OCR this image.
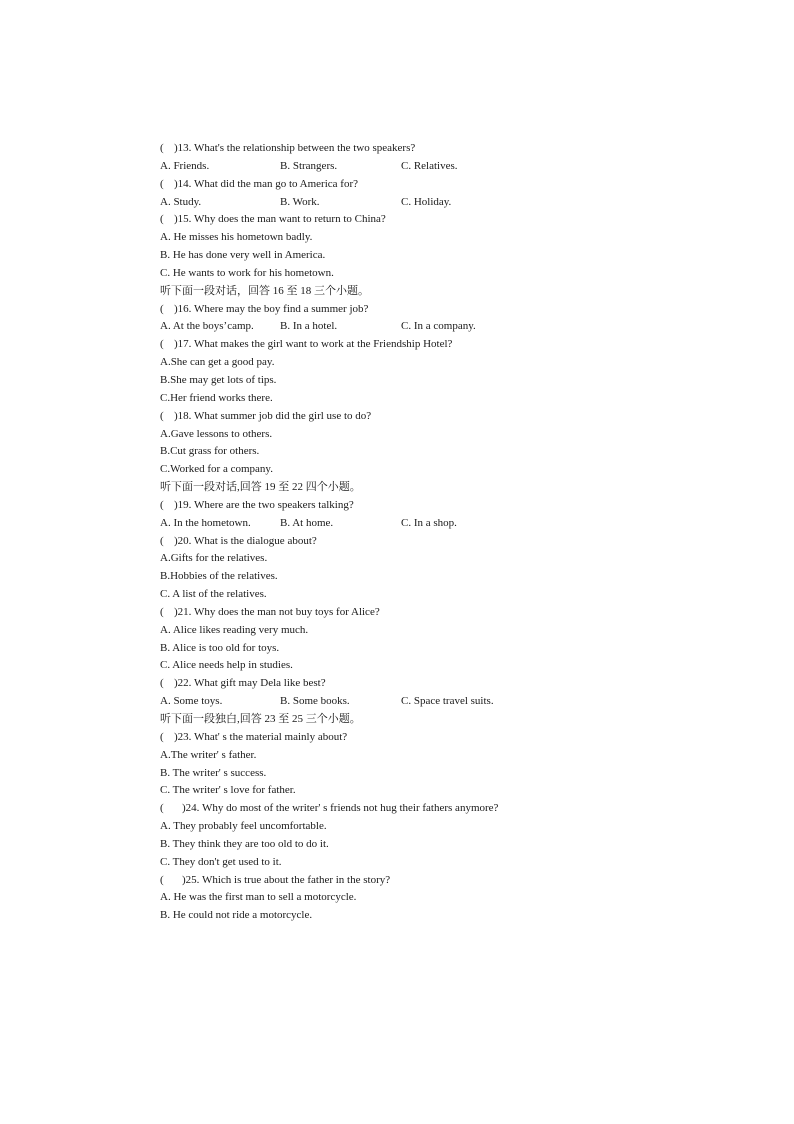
( )13. What's the relationship between the two speakers?
A. Friends.	B. Strangers.	C. Relatives.
( )14. What did the man go to America for?
A. Study.	B. Work.	C. Holiday.
( )15. Why does the man want to return to China?
A. He misses his hometown badly.
B. He has done very well in America.
C. He wants to work for his hometown.
听下面一段对话，回答 16 至 18 三个小题。
( )16. Where may the boy find a summer job?
A. At the boys’camp. B. In a hotel.	C. In a company.
( )17. What makes the girl want to work at the Friendship Hotel?
A.She can get a good pay.
B.She may get lots of tips.
C.Her friend works there.
( )18. What summer job did the girl use to do?
A.Gave lessons to others.
B.Cut grass for others.
C.Worked for a company.
听下面一段对话,回答 19 至 22 四个小题。
( )19. Where are the two speakers talking?
A. In the hometown.	B. At home.	C. In a shop.
( )20. What is the dialogue about?
A.Gifts for the relatives.
B.Hobbies of the relatives.
C. A list of the relatives.
( )21. Why does the man not buy toys for Alice?
A. Alice likes reading very much.
B. Alice is too old for toys.
C. Alice needs help in studies.
( )22. What gift may Dela like best?
A. Some toys.	B. Some books.	C. Space travel suits.
听下面一段独白,回答 23 至 25 三个小题。
( )23. What' s the material mainly about?
A.The writer' s father.
B. The writer' s success.
C. The writer' s love for father.
( )24. Why do most of the writer' s friends not hug their fathers anymore?
A. They probably feel uncomfortable.
B. They think they are too old to do it.
C. They don't get used to it.
( )25. Which is true about the father in the story?
A. He was the first man to sell a motorcycle.
B. He could not ride a motorcycle.
